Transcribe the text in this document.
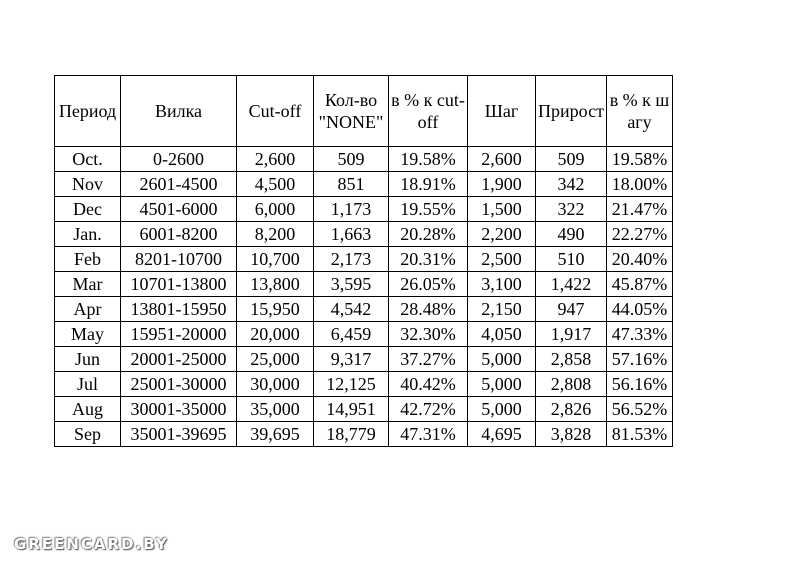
Период	Вилка	Cut-off	Кол-во "NONE"	в % к cut-off	Шаг	Прирост	в % к шагу
Oct.	0-2600	2,600	509	19.58%	2,600	509	19.58%
Nov	2601-4500	4,500	851	18.91%	1,900	342	18.00%
Dec	4501-6000	6,000	1,173	19.55%	1,500	322	21.47%
Jan.	6001-8200	8,200	1,663	20.28%	2,200	490	22.27%
Feb	8201-10700	10,700	2,173	20.31%	2,500	510	20.40%
Mar	10701-13800	13,800	3,595	26.05%	3,100	1,422	45.87%
Apr	13801-15950	15,950	4,542	28.48%	2,150	947	44.05%
May	15951-20000	20,000	6,459	32.30%	4,050	1,917	47.33%
Jun	20001-25000	25,000	9,317	37.27%	5,000	2,858	57.16%
Jul	25001-30000	30,000	12,125	40.42%	5,000	2,808	56.16%
Aug	30001-35000	35,000	14,951	42.72%	5,000	2,826	56.52%
Sep	35001-39695	39,695	18,779	47.31%	4,695	3,828	81.53%
GREENCARD.BY
